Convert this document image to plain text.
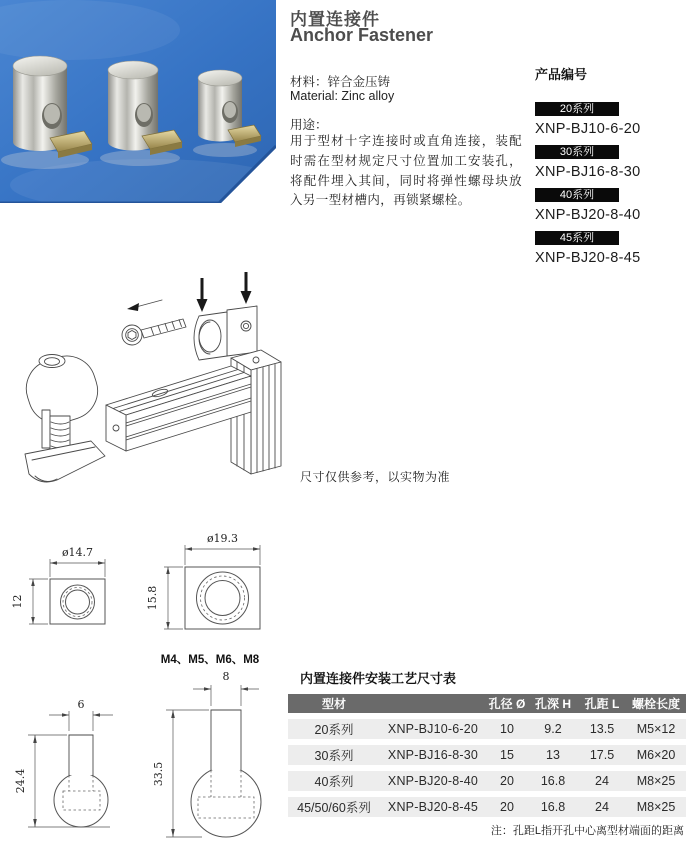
内置连接件
Anchor Fastener
材料：锌合金压铸
Material: Zinc alloy
用途：
用于型材十字连接时或直角连接，装配时需在型材规定尺寸位置加工安装孔，将配件埋入其间，同时将弹性螺母块放入另一型材槽内，再锁紧螺栓。
产品编号
20系列
XNP-BJ10-6-20
30系列
XNP-BJ16-8-30
40系列
XNP-BJ20-8-40
45系列
XNP-BJ20-8-45
尺寸仅供参考，以实物为准
ø14.7
12
ø19.3
15.8
6
24.4
M4、M5、M6、M8
8
33.5
内置连接件安装工艺尺寸表
型材		孔径 Ø	孔深 H	孔距 L	螺栓长度
20系列	XNP-BJ10-6-20	10	9.2	13.5	M5×12
30系列	XNP-BJ16-8-30	15	13	17.5	M6×20
40系列	XNP-BJ20-8-40	20	16.8	24	M8×25
45/50/60系列	XNP-BJ20-8-45	20	16.8	24	M8×25
注：孔距L指开孔中心离型材端面的距离
